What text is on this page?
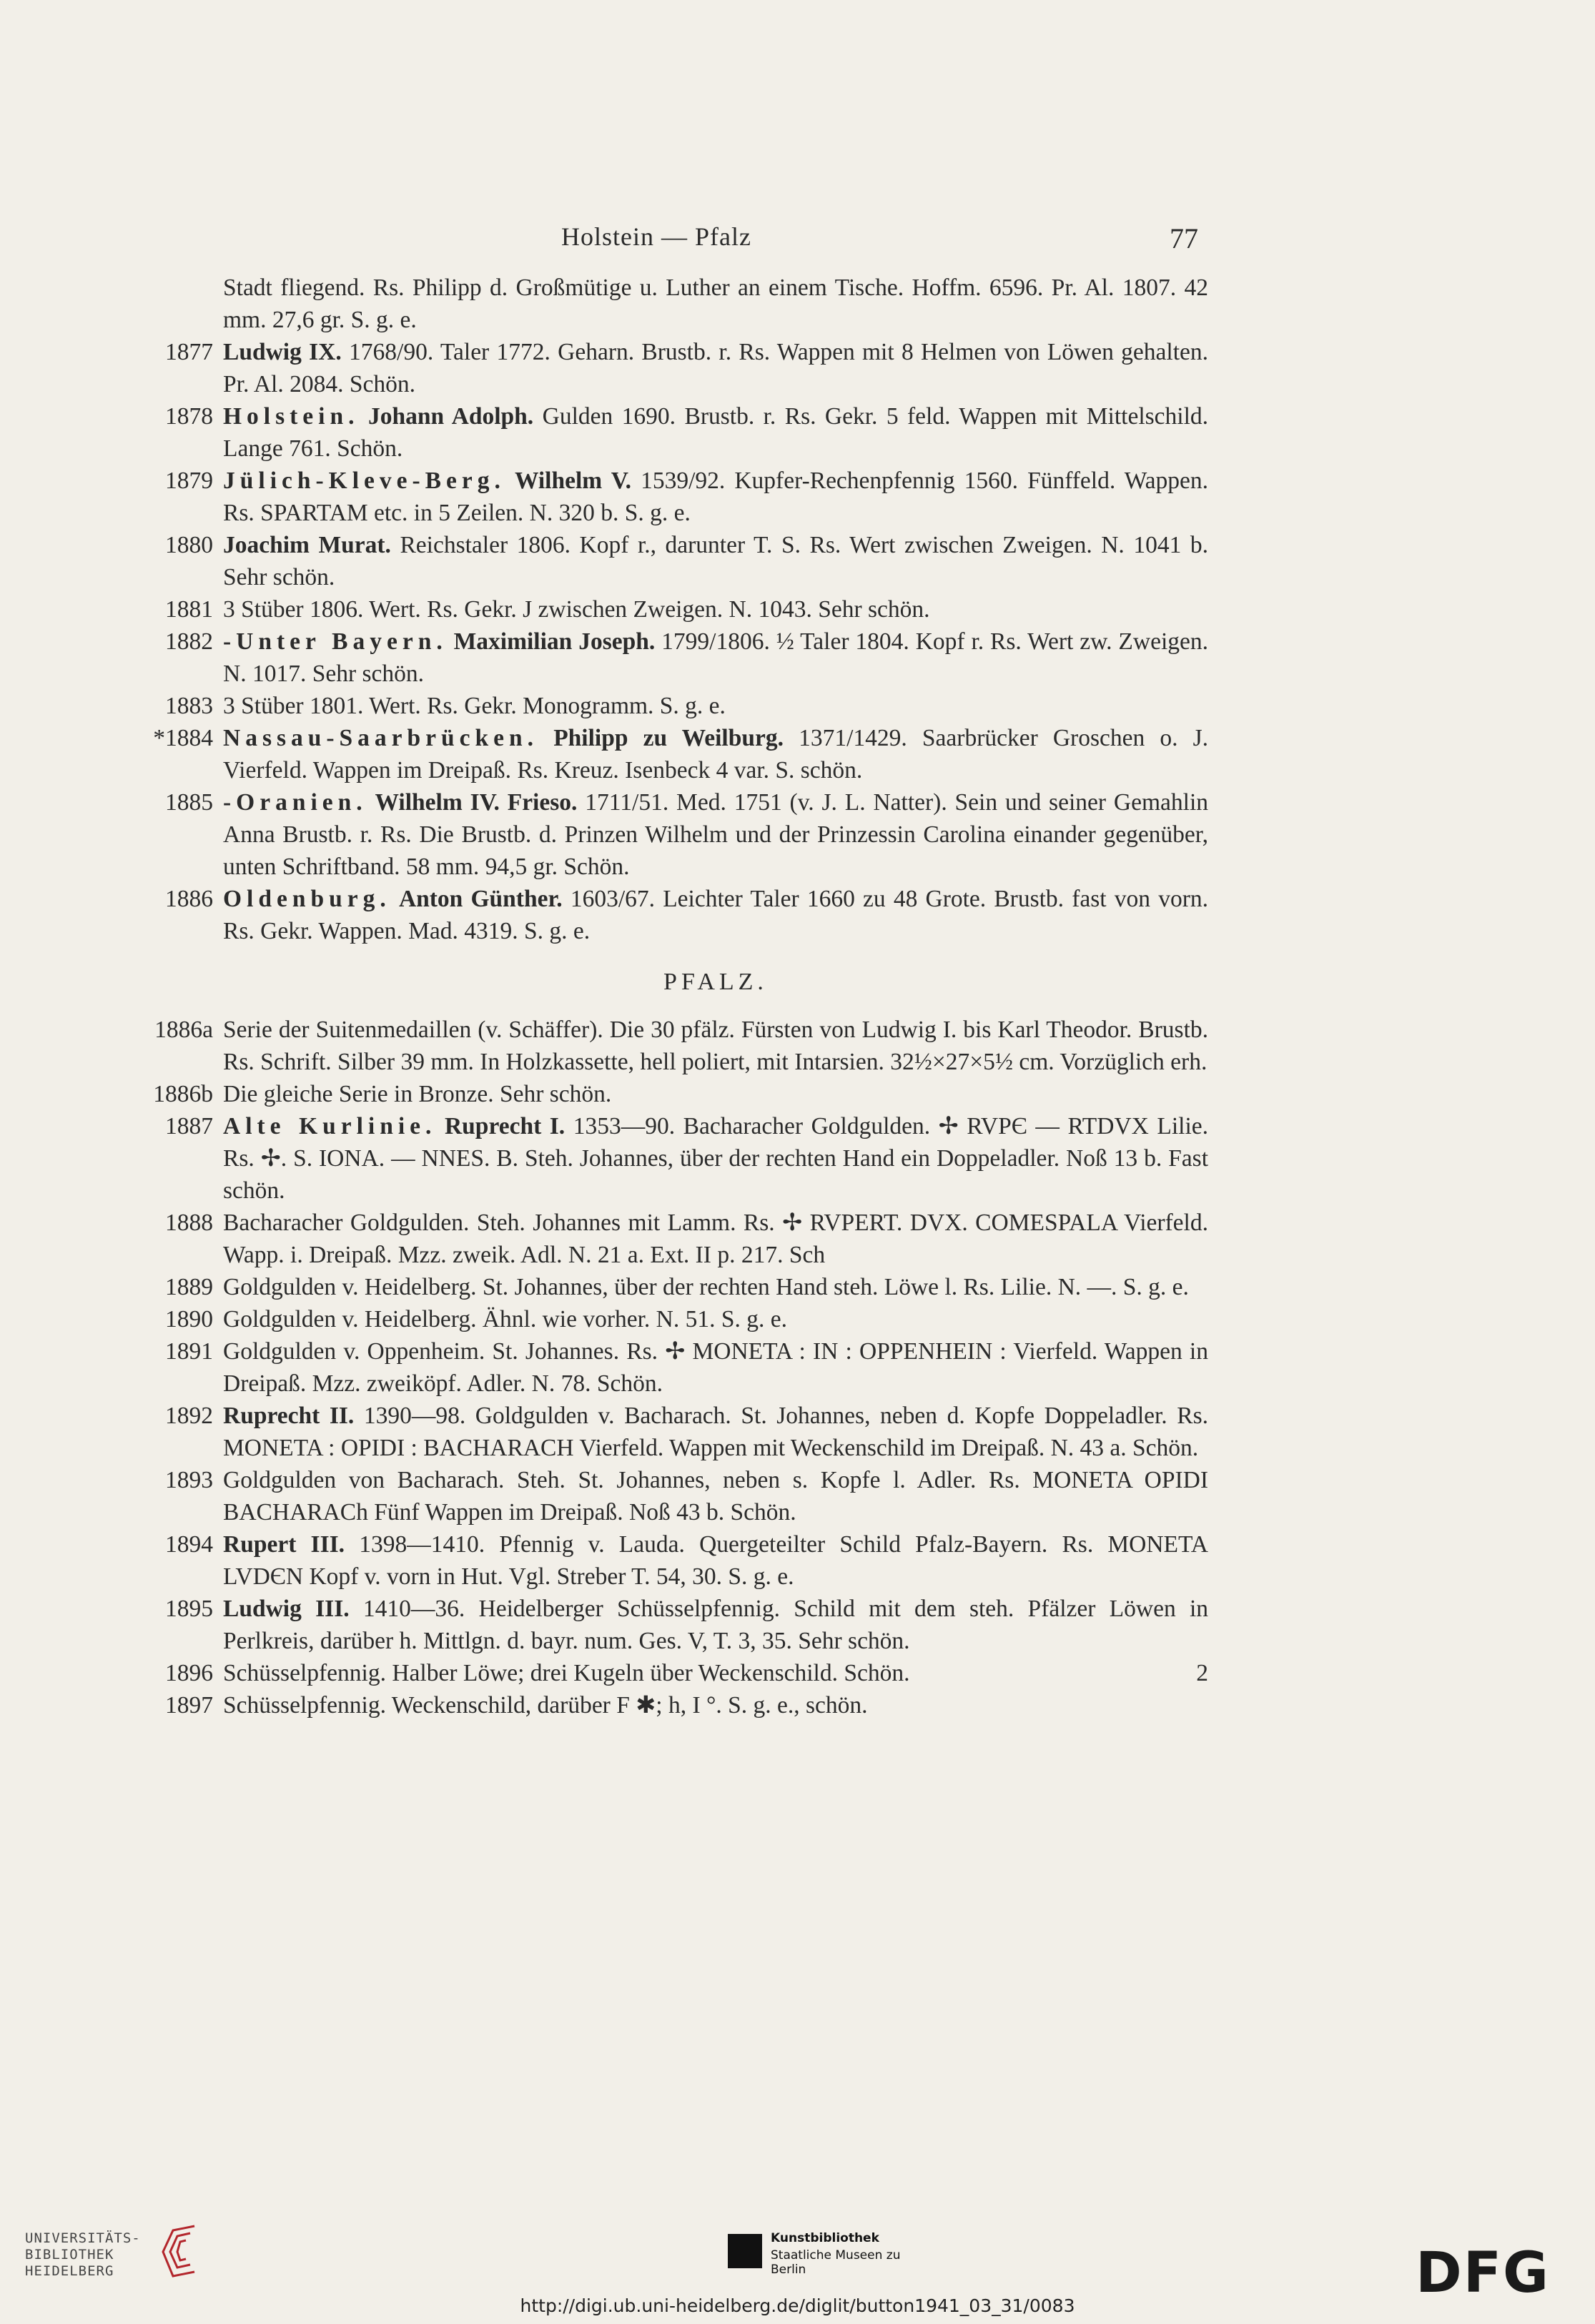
Holstein — Pfalz	77
Stadt fliegend. Rs. Philipp d. Großmütige u. Luther an einem Tische. Hoffm. 6596. Pr. Al. 1807. 42 mm. 27,6 gr. S. g. e.
1877 Ludwig IX. 1768/90. Taler 1772. Geharn. Brustb. r. Rs. Wappen mit 8 Helmen von Löwen gehalten. Pr. Al. 2084. Schön.
1878 Holstein. Johann Adolph. Gulden 1690. Brustb. r. Rs. Gekr. 5 feld. Wappen mit Mittelschild. Lange 761. Schön.
1879 Jülich-Kleve-Berg. Wilhelm V. 1539/92. Kupfer-Rechenpfennig 1560. Fünffeld. Wappen. Rs. SPARTAM etc. in 5 Zeilen. N. 320 b. S. g. e.
1880 Joachim Murat. Reichstaler 1806. Kopf r., darunter T. S. Rs. Wert zwischen Zweigen. N. 1041 b. Sehr schön.
1881 3 Stüber 1806. Wert. Rs. Gekr. J zwischen Zweigen. N. 1043. Sehr schön.
1882 -Unter Bayern. Maximilian Joseph. 1799/1806. ½ Taler 1804. Kopf r. Rs. Wert zw. Zweigen. N. 1017. Sehr schön.
1883 3 Stüber 1801. Wert. Rs. Gekr. Monogramm. S. g. e.
*1884 Nassau-Saarbrücken. Philipp zu Weilburg. 1371/1429. Saarbrücker Groschen o. J. Vierfeld. Wappen im Dreipaß. Rs. Kreuz. Isenbeck 4 var. S. schön.
1885 -Oranien. Wilhelm IV. Frieso. 1711/51. Med. 1751 (v. J. L. Natter). Sein und seiner Gemahlin Anna Brustb. r. Rs. Die Brustb. d. Prinzen Wilhelm und der Prinzessin Carolina einander gegenüber, unten Schriftband. 58 mm. 94,5 gr. Schön.
1886 Oldenburg. Anton Günther. 1603/67. Leichter Taler 1660 zu 48 Grote. Brustb. fast von vorn. Rs. Gekr. Wappen. Mad. 4319. S. g. e.
PFALZ.
1886a Serie der Suitenmedaillen (v. Schäffer). Die 30 pfälz. Fürsten von Ludwig I. bis Karl Theodor. Brustb. Rs. Schrift. Silber 39 mm. In Holzkassette, hell poliert, mit Intarsien. 32½×27×5½ cm. Vorzüglich erh.
1886b Die gleiche Serie in Bronze. Sehr schön.
1887 Alte Kurlinie. Ruprecht I. 1353—90. Bacharacher Goldgulden. ✢ RVPЄ — RTDVX Lilie. Rs. ✢. S. IONA. — NNES. B. Steh. Johannes, über der rechten Hand ein Doppeladler. Noß 13 b. Fast schön.
1888 Bacharacher Goldgulden. Steh. Johannes mit Lamm. Rs. ✢ RVPERT. DVX. COMESPALA Vierfeld. Wapp. i. Dreipaß. Mzz. zweik. Adl. N. 21 a. Ext. II p. 217. Sch
1889 Goldgulden v. Heidelberg. St. Johannes, über der rechten Hand steh. Löwe l. Rs. Lilie. N. —. S. g. e.
1890 Goldgulden v. Heidelberg. Ähnl. wie vorher. N. 51. S. g. e.
1891 Goldgulden v. Oppenheim. St. Johannes. Rs. ✢ MONETA : IN : OPPENHEIN : Vierfeld. Wappen in Dreipaß. Mzz. zweiköpf. Adler. N. 78. Schön.
1892 Ruprecht II. 1390—98. Goldgulden v. Bacharach. St. Johannes, neben d. Kopfe Doppeladler. Rs. MONETA : OPIDI : BACHARACH Vierfeld. Wappen mit Weckenschild im Dreipaß. N. 43 a. Schön.
1893 Goldgulden von Bacharach. Steh. St. Johannes, neben s. Kopfe l. Adler. Rs. MONETA OPIDI BACHARACh Fünf Wappen im Dreipaß. Noß 43 b. Schön.
1894 Rupert III. 1398—1410. Pfennig v. Lauda. Quergeteilter Schild Pfalz-Bayern. Rs. MONETA LVDЄN Kopf v. vorn in Hut. Vgl. Streber T. 54, 30. S. g. e.
1895 Ludwig III. 1410—36. Heidelberger Schüsselpfennig. Schild mit dem steh. Pfälzer Löwen in Perlkreis, darüber h. Mittlgn. d. bayr. num. Ges. V, T. 3, 35. Sehr schön.
1896 Schüsselpfennig. Halber Löwe; drei Kugeln über Weckenschild. Schön.	2
1897 Schüsselpfennig. Weckenschild, darüber F ✱; h, I °. S. g. e., schön.
UNIVERSITÄTS-
BIBLIOTHEK
HEIDELBERG
Kunstbibliothek
Staatliche Museen zu Berlin	DFG
http://digi.ub.uni-heidelberg.de/diglit/button1941_03_31/0083
